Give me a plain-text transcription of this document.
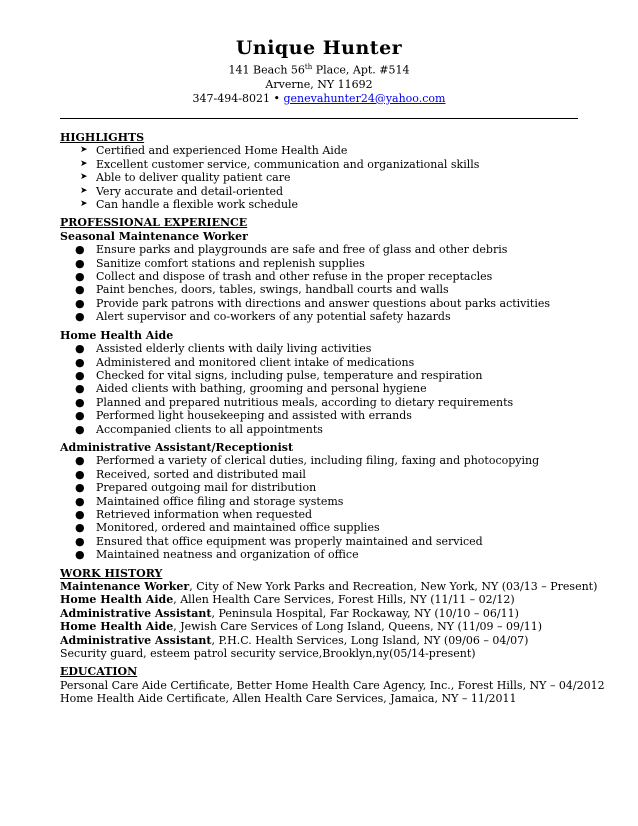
Unique Hunter
141 Beach 56th Place, Apt. #514
Arverne, NY 11692
347-494-8021 • genevahunter24@yahoo.com
HIGHLIGHTS
➤ Certified and experienced Home Health Aide
➤ Excellent customer service, communication and organizational skills
➤ Able to deliver quality patient care
➤ Very accurate and detail-oriented
➤ Can handle a flexible work schedule
PROFESSIONAL EXPERIENCE
Seasonal Maintenance Worker
● Ensure parks and playgrounds are safe and free of glass and other debris
● Sanitize comfort stations and replenish supplies
● Collect and dispose of trash and other refuse in the proper receptacles
● Paint benches, doors, tables, swings, handball courts and walls
● Provide park patrons with directions and answer questions about parks activities
● Alert supervisor and co-workers of any potential safety hazards
Home Health Aide
● Assisted elderly clients with daily living activities
● Administered and monitored client intake of medications
● Checked for vital signs, including pulse, temperature and respiration
● Aided clients with bathing, grooming and personal hygiene
● Planned and prepared nutritious meals, according to dietary requirements
● Performed light housekeeping and assisted with errands
● Accompanied clients to all appointments
Administrative Assistant/Receptionist
● Performed a variety of clerical duties, including filing, faxing and photocopying
● Received, sorted and distributed mail
● Prepared outgoing mail for distribution
● Maintained office filing and storage systems
● Retrieved information when requested
● Monitored, ordered and maintained office supplies
● Ensured that office equipment was properly maintained and serviced
● Maintained neatness and organization of office
WORK HISTORY
Maintenance Worker, City of New York Parks and Recreation, New York, NY (03/13 – Present)
Home Health Aide, Allen Health Care Services, Forest Hills, NY (11/11 – 02/12)
Administrative Assistant, Peninsula Hospital, Far Rockaway, NY (10/10 – 06/11)
Home Health Aide, Jewish Care Services of Long Island, Queens, NY (11/09 – 09/11)
Administrative Assistant, P.H.C. Health Services, Long Island, NY (09/06 – 04/07)
Security guard, esteem patrol security service,Brooklyn,ny(05/14-present)
EDUCATION
Personal Care Aide Certificate, Better Home Health Care Agency, Inc., Forest Hills, NY – 04/2012
Home Health Aide Certificate, Allen Health Care Services, Jamaica, NY – 11/2011
